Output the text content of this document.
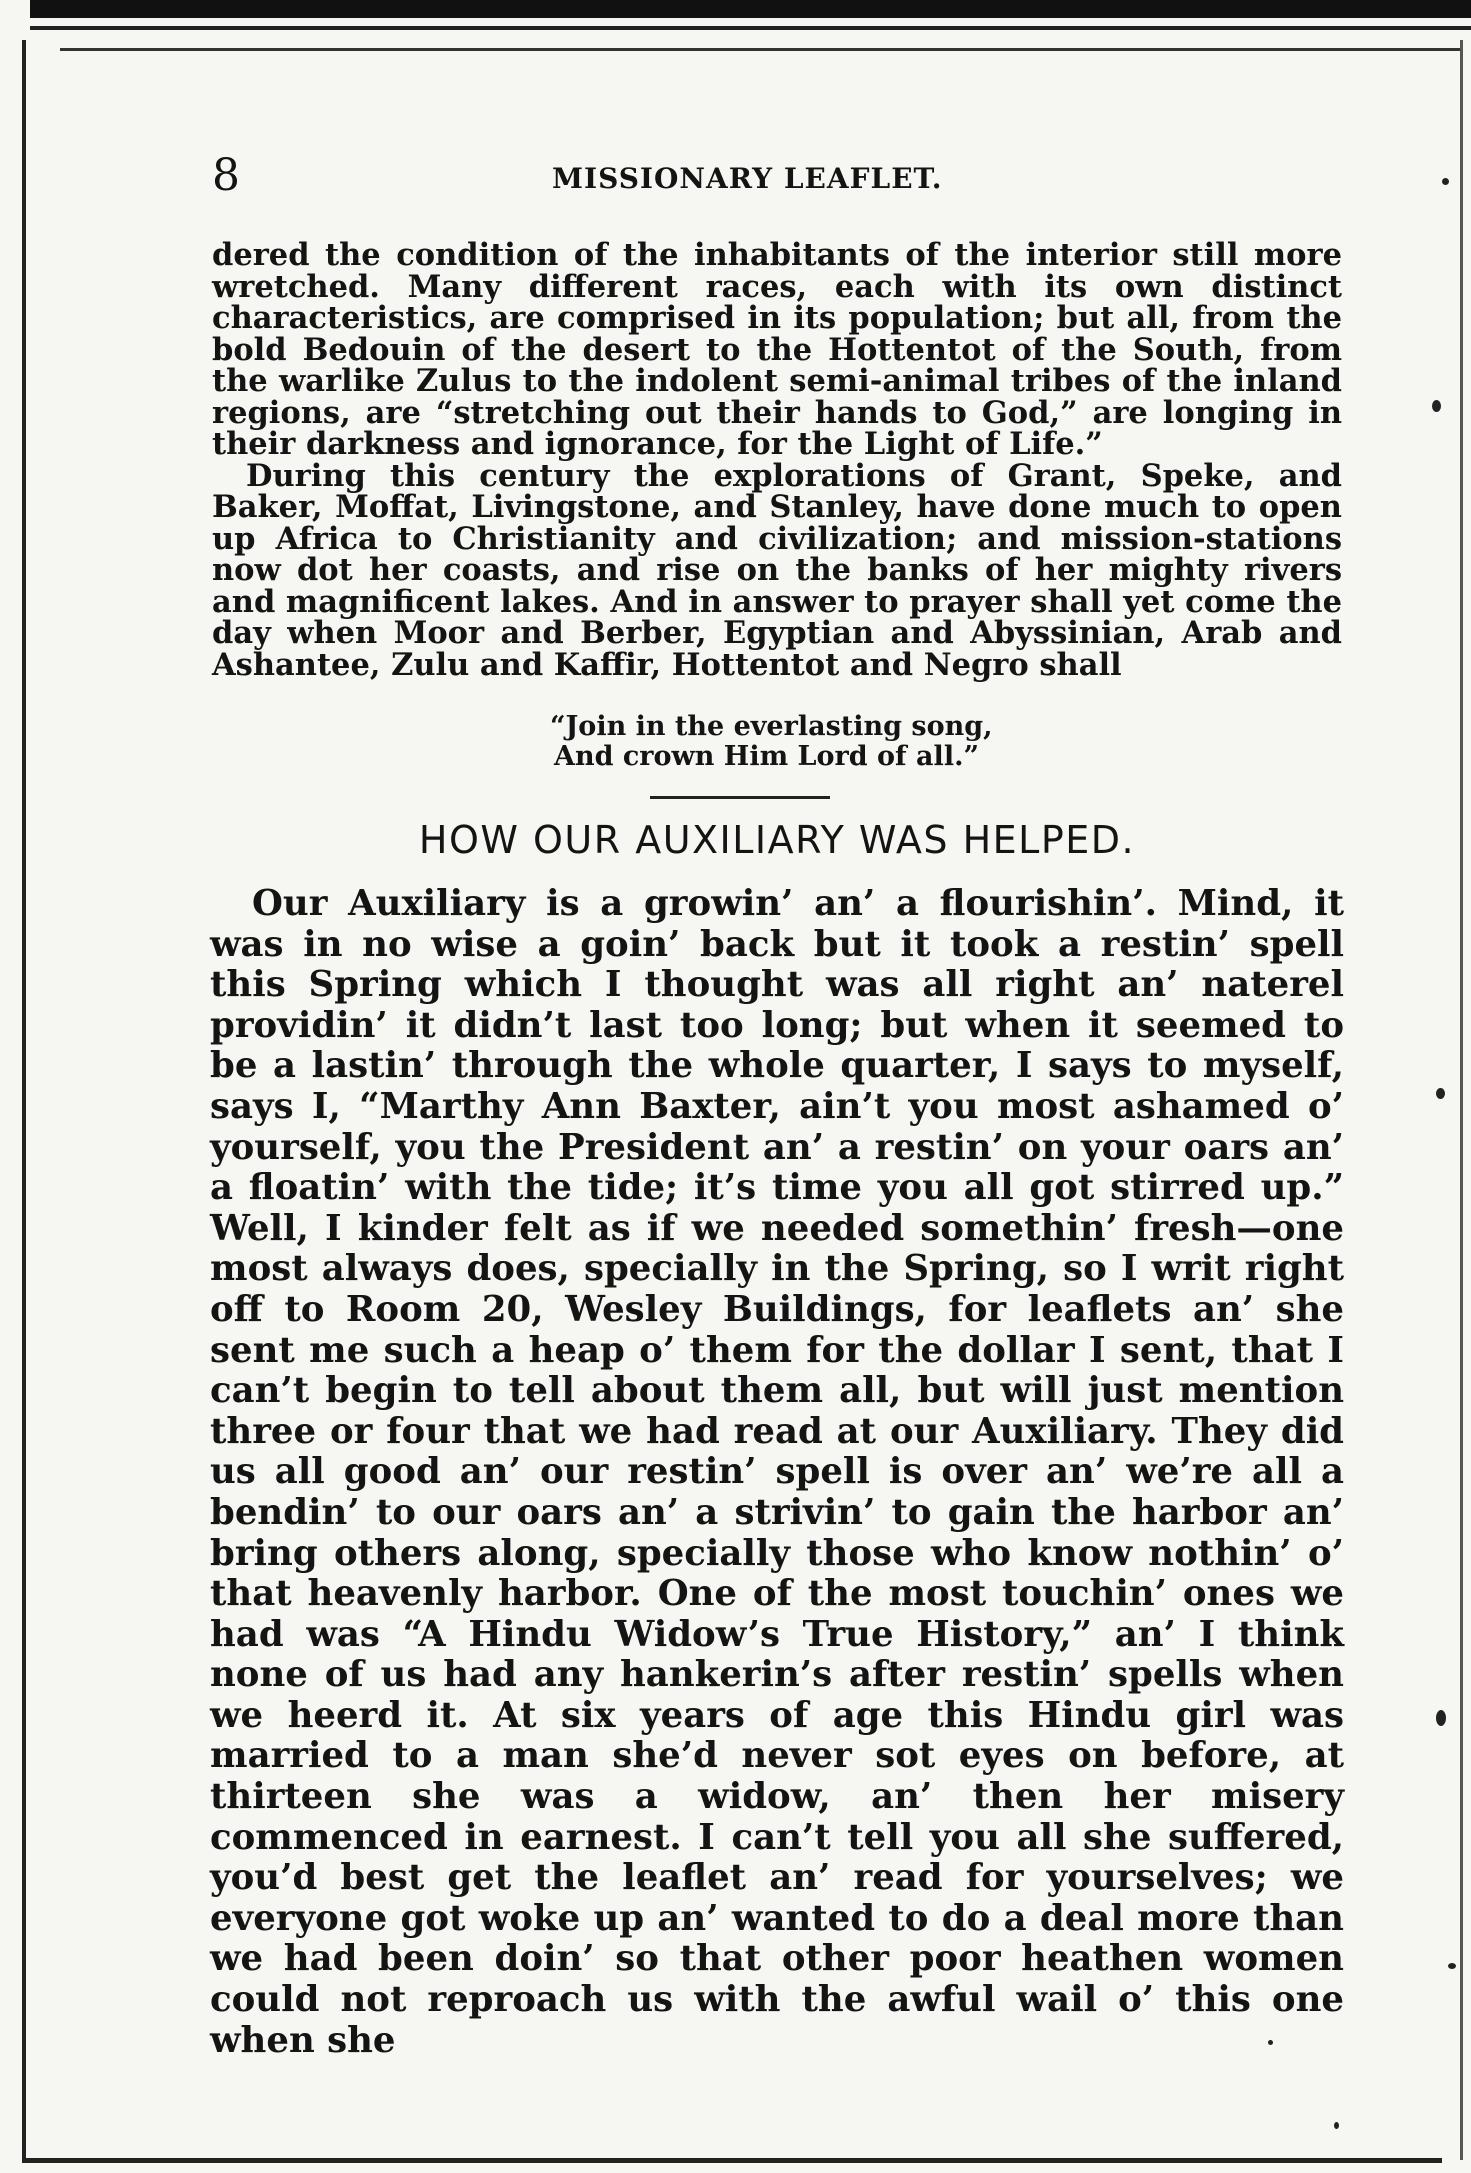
8	MISSIONARY LEAFLET.

dered the condition of the inhabitants of the interior still more wretched. Many different races, each with its own distinct characteristics, are comprised in its population; but all, from the bold Bedouin of the desert to the Hottentot of the South, from the warlike Zulus to the indolent semi-animal tribes of the inland regions, are “stretching out their hands to God,” are longing in their darkness and ignorance, for the Light of Life.”

During this century the explorations of Grant, Speke, and Baker, Moffat, Livingstone, and Stanley, have done much to open up Africa to Christianity and civilization; and mission-stations now dot her coasts, and rise on the banks of her mighty rivers and magnificent lakes. And in answer to prayer shall yet come the day when Moor and Berber, Egyptian and Abyssinian, Arab and Ashantee, Zulu and Kaffir, Hottentot and Negro shall

“Join in the everlasting song,
And crown Him Lord of all.”
HOW OUR AUXILIARY WAS HELPED.

Our Auxiliary is a growin’ an’ a flourishin’. Mind, it was in no wise a goin’ back but it took a restin’ spell this Spring which I thought was all right an’ naterel providin’ it didn’t last too long; but when it seemed to be a lastin’ through the whole quarter, I says to myself, says I, “Marthy Ann Baxter, ain’t you most ashamed o’ yourself, you the President an’ a restin’ on your oars an’ a floatin’ with the tide; it’s time you all got stirred up.” Well, I kinder felt as if we needed somethin’ fresh—one most always does, specially in the Spring, so I writ right off to Room 20, Wesley Buildings, for leaflets an’ she sent me such a heap o’ them for the dollar I sent, that I can’t begin to tell about them all, but will just mention three or four that we had read at our Auxiliary. They did us all good an’ our restin’ spell is over an’ we’re all a bendin’ to our oars an’ a strivin’ to gain the harbor an’ bring others along, specially those who know nothin’ o’ that heavenly harbor. One of the most touchin’ ones we had was “A Hindu Widow’s True History,” an’ I think none of us had any hankerin’s after restin’ spells when we heerd it. At six years of age this Hindu girl was married to a man she’d never sot eyes on before, at thirteen she was a widow, an’ then her misery commenced in earnest. I can’t tell you all she suffered, you’d best get the leaflet an’ read for yourselves; we everyone got woke up an’ wanted to do a deal more than we had been doin’ so that other poor heathen women could not reproach us with the awful wail o’ this one when she
